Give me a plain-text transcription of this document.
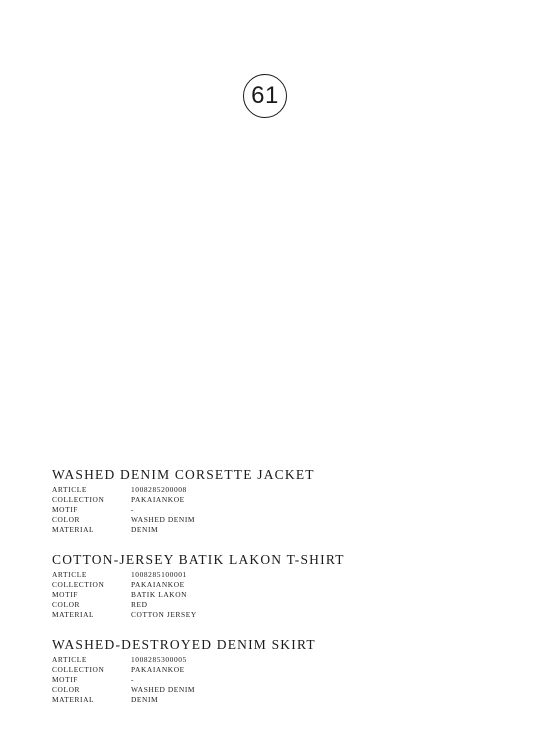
61
WASHED DENIM CORSETTE JACKET
ARTICLE	1008285200008
COLLECTION	PAKAIANKOE
MOTIF	-
COLOR	WASHED DENIM
MATERIAL	DENIM
COTTON-JERSEY BATIK LAKON T-SHIRT
ARTICLE	1008285100001
COLLECTION	PAKAIANKOE
MOTIF	BATIK LAKON
COLOR	RED
MATERIAL	COTTON JERSEY
WASHED-DESTROYED DENIM SKIRT
ARTICLE	1008285300005
COLLECTION	PAKAIANKOE
MOTIF	-
COLOR	WASHED DENIM
MATERIAL	DENIM
